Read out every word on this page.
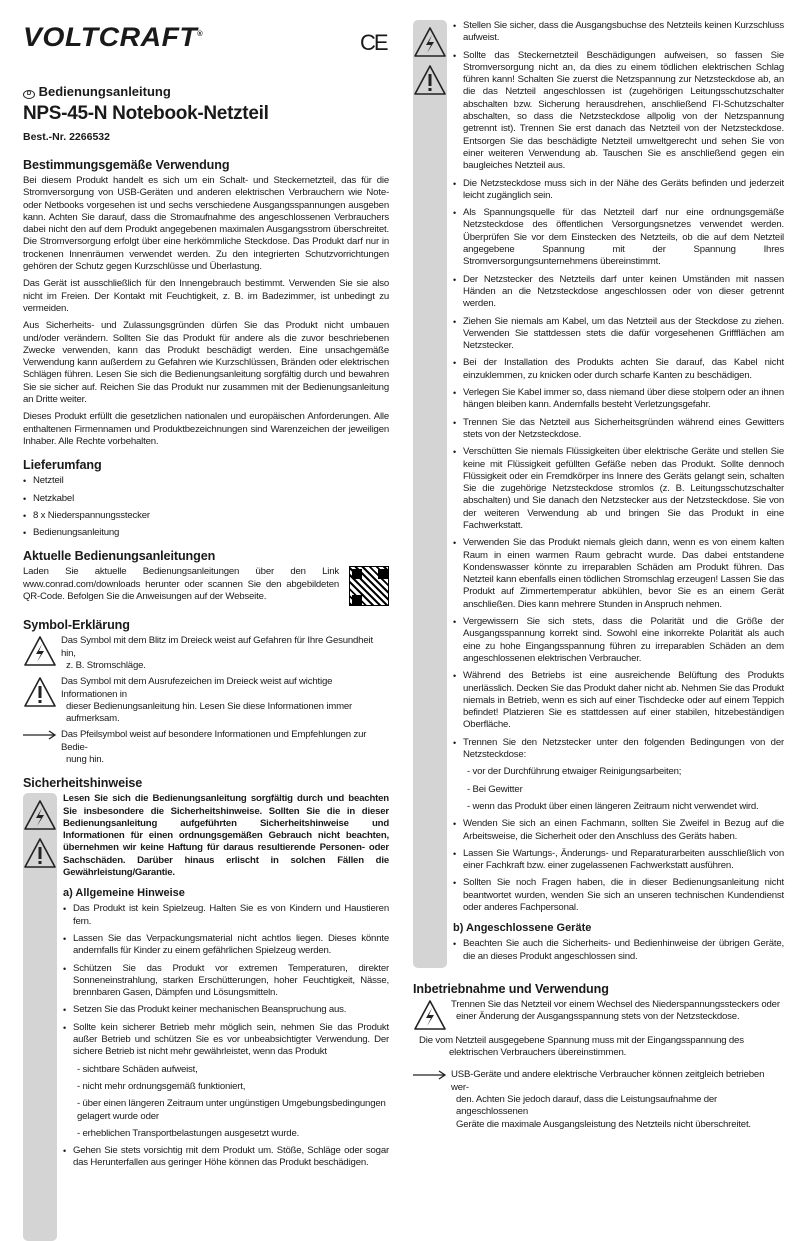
VOLTCRAFT®	CE
D Bedienungsanleitung
NPS-45-N Notebook-Netzteil
Best.-Nr. 2266532
Bestimmungsgemäße Verwendung

Bei diesem Produkt handelt es sich um ein Schalt- und Steckernetzteil, das für die Stromversorgung von USB-Geräten und anderen elektrischen Verbrauchern wie Note- oder Netbooks vorgesehen ist und sechs verschiedene Ausgangsspannungen ausgeben kann. Achten Sie darauf, dass die Stromaufnahme des angeschlossenen Verbrauchers dabei nicht den auf dem Produkt angegebenen maximalen Ausgangsstrom überschreitet. Die Stromversorgung erfolgt über eine herkömmliche Steckdose. Das Produkt darf nur in trockenen Innenräumen verwendet werden. Zu den integrierten Schutzvorrichtungen gehören der Schutz gegen Kurzschlüsse und Überlastung.

Das Gerät ist ausschließlich für den Innengebrauch bestimmt. Verwenden Sie sie also nicht im Freien. Der Kontakt mit Feuchtigkeit, z. B. im Badezimmer, ist unbedingt zu vermeiden.

Aus Sicherheits- und Zulassungsgründen dürfen Sie das Produkt nicht umbauen und/oder verändern. Sollten Sie das Produkt für andere als die zuvor beschriebenen Zwecke verwenden, kann das Produkt beschädigt werden. Eine unsachgemäße Verwendung kann außerdem zu Gefahren wie Kurzschlüssen, Bränden oder elektrischen Schlägen führen. Lesen Sie sich die Bedienungsanleitung sorgfältig durch und bewahren Sie sie sicher auf. Reichen Sie das Produkt nur zusammen mit der Bedienungsanleitung an Dritte weiter.

Dieses Produkt erfüllt die gesetzlichen nationalen und europäischen Anforderungen. Alle enthaltenen Firmennamen und Produktbezeichnungen sind Warenzeichen der jeweiligen Inhaber. Alle Rechte vorbehalten.

Lieferumfang
• Netzteil
• Netzkabel
• 8 x Niederspannungsstecker
• Bedienungsanleitung
Aktuelle Bedienungsanleitungen

Laden Sie aktuelle Bedienungsanleitungen über den Link www.conrad.com/downloads herunter oder scannen Sie den abgebildeten QR-Code. Befolgen Sie die Anweisungen auf der Webseite.

Symbol-Erklärung
Das Symbol mit dem Blitz im Dreieck weist auf Gefahren für Ihre Gesundheit hin,
z. B. Stromschläge.
Das Symbol mit dem Ausrufezeichen im Dreieck weist auf wichtige Informationen in
dieser Bedienungsanleitung hin. Lesen Sie diese Informationen immer aufmerksam.
Das Pfeilsymbol weist auf besondere Informationen und Empfehlungen zur Bedie-
nung hin.
Sicherheitshinweise

Lesen Sie sich die Bedienungsanleitung sorgfältig durch und beachten Sie insbesondere die Sicherheitshinweise. Sollten Sie die in dieser Bedienungsanleitung aufgeführten Sicherheitshinweise und Informationen für einen ordnungsgemäßen Gebrauch nicht beachten, übernehmen wir keine Haftung für daraus resultierende Personen- oder Sachschäden. Darüber hinaus erlischt in solchen Fällen die Gewährleistung/Garantie.

a) Allgemeine Hinweise
• Das Produkt ist kein Spielzeug. Halten Sie es von Kindern und Haustieren fern.
• Lassen Sie das Verpackungsmaterial nicht achtlos liegen. Dieses könnte andernfalls für Kinder zu einem gefährlichen Spielzeug werden.
• Schützen Sie das Produkt vor extremen Temperaturen, direkter Sonneneinstrahlung, starken Erschütterungen, hoher Feuchtigkeit, Nässe, brennbaren Gasen, Dämpfen und Lösungsmitteln.
• Setzen Sie das Produkt keiner mechanischen Beanspruchung aus.
• Sollte kein sicherer Betrieb mehr möglich sein, nehmen Sie das Produkt außer Betrieb und schützen Sie es vor unbeabsichtigter Verwendung. Der sichere Betrieb ist nicht mehr gewährleistet, wenn das Produkt
- sichtbare Schäden aufweist,
- nicht mehr ordnungsgemäß funktioniert,
- über einen längeren Zeitraum unter ungünstigen Umgebungsbedingungen gelagert wurde oder
- erheblichen Transportbelastungen ausgesetzt wurde.
• Gehen Sie stets vorsichtig mit dem Produkt um. Stöße, Schläge oder sogar das Herunterfallen aus geringer Höhe können das Produkt beschädigen.
• Stellen Sie sicher, dass die Ausgangsbuchse des Netzteils keinen Kurzschluss aufweist.
• Sollte das Steckernetzteil Beschädigungen aufweisen, so fassen Sie Stromversorgung nicht an, da dies zu einem tödlichen elektrischen Schlag führen kann! Schalten Sie zuerst die Netzspannung zur Netzsteckdose ab, an die das Netzteil angeschlossen ist (zugehörigen Leitungsschutzschalter abschalten bzw. Sicherung herausdrehen, anschließend FI-Schutzschalter abschalten, so dass die Netzsteckdose allpolig von der Netzspannung getrennt ist). Trennen Sie erst danach das Netzteil von der Netzsteckdose. Entsorgen Sie das beschädigte Netzteil umweltgerecht und sehen Sie von einer weiteren Verwendung ab. Tauschen Sie es anschließend gegen ein baugleiches Netzteil aus.
• Die Netzsteckdose muss sich in der Nähe des Geräts befinden und jederzeit leicht zugänglich sein.
• Als Spannungsquelle für das Netzteil darf nur eine ordnungsgemäße Netzsteckdose des öffentlichen Versorgungsnetzes verwendet werden. Überprüfen Sie vor dem Einstecken des Netzteils, ob die auf dem Netzteil angegebene Spannung mit der Spannung Ihres Stromversorgungsunternehmens übereinstimmt.
• Der Netzstecker des Netzteils darf unter keinen Umständen mit nassen Händen an die Netzsteckdose angeschlossen oder von dieser getrennt werden.
• Ziehen Sie niemals am Kabel, um das Netzteil aus der Steckdose zu ziehen. Verwenden Sie stattdessen stets die dafür vorgesehenen Griffflächen am Netzstecker.
• Bei der Installation des Produkts achten Sie darauf, das Kabel nicht einzuklemmen, zu knicken oder durch scharfe Kanten zu beschädigen.
• Verlegen Sie Kabel immer so, dass niemand über diese stolpern oder an ihnen hängen bleiben kann. Andernfalls besteht Verletzungsgefahr.
• Trennen Sie das Netzteil aus Sicherheitsgründen während eines Gewitters stets von der Netzsteckdose.
• Verschütten Sie niemals Flüssigkeiten über elektrische Geräte und stellen Sie keine mit Flüssigkeit gefüllten Gefäße neben das Produkt. Sollte dennoch Flüssigkeit oder ein Fremdkörper ins Innere des Geräts gelangt sein, schalten Sie die zugehörige Netzsteckdose stromlos (z. B. Leitungsschutzschalter abschalten) und Sie danach den Netzstecker aus der Netzsteckdose. Sie von der weiteren Verwendung ab und bringen Sie das Produkt in eine Fachwerkstatt.
• Verwenden Sie das Produkt niemals gleich dann, wenn es von einem kalten Raum in einen warmen Raum gebracht wurde. Das dabei entstandene Kondenswasser könnte zu irreparablen Schäden am Produkt führen. Das Netzteil kann ebenfalls einen tödlichen Stromschlag erzeugen! Lassen Sie das Produkt auf Zimmertemperatur abkühlen, bevor Sie es an einem Gerät anschließen. Dies kann mehrere Stunden in Anspruch nehmen.
• Vergewissern Sie sich stets, dass die Polarität und die Größe der Ausgangsspannung korrekt sind. Sowohl eine inkorrekte Polarität als auch eine zu hohe Eingangsspannung führen zu irreparablen Schäden an dem angeschlossenen elektrischen Verbraucher.
• Während des Betriebs ist eine ausreichende Belüftung des Produkts unerlässlich. Decken Sie das Produkt daher nicht ab. Nehmen Sie das Produkt niemals in Betrieb, wenn es sich auf einer Tischdecke oder auf einem Teppich befindet! Platzieren Sie es stattdessen auf einer stabilen, hitzebeständigen Oberfläche.
• Trennen Sie den Netzstecker unter den folgenden Bedingungen von der Netzsteckdose:
- vor der Durchführung etwaiger Reinigungsarbeiten;
- Bei Gewitter
- wenn das Produkt über einen längeren Zeitraum nicht verwendet wird.
• Wenden Sie sich an einen Fachmann, sollten Sie Zweifel in Bezug auf die Arbeitsweise, die Sicherheit oder den Anschluss des Geräts haben.
• Lassen Sie Wartungs-, Änderungs- und Reparaturarbeiten ausschließlich von einer Fachkraft bzw. einer zugelassenen Fachwerkstatt ausführen.
• Sollten Sie noch Fragen haben, die in dieser Bedienungsanleitung nicht beantwortet wurden, wenden Sie sich an unseren technischen Kundendienst oder anderes Fachpersonal.
b) Angeschlossene Geräte
• Beachten Sie auch die Sicherheits- und Bedienhinweise der übrigen Geräte, die an dieses Produkt angeschlossen sind.
Inbetriebnahme und Verwendung
Trennen Sie das Netzteil vor einem Wechsel des Niederspannungssteckers oder
einer Änderung der Ausgangsspannung stets von der Netzsteckdose.
Die vom Netzteil ausgegebene Spannung muss mit der Eingangsspannung des
elektrischen Verbrauchers übereinstimmen.
USB-Geräte und andere elektrische Verbraucher können zeitgleich betrieben wer-
den. Achten Sie jedoch darauf, dass die Leistungsaufnahme der angeschlossenen
Geräte die maximale Ausgangsleistung des Netzteils nicht überschreitet.
